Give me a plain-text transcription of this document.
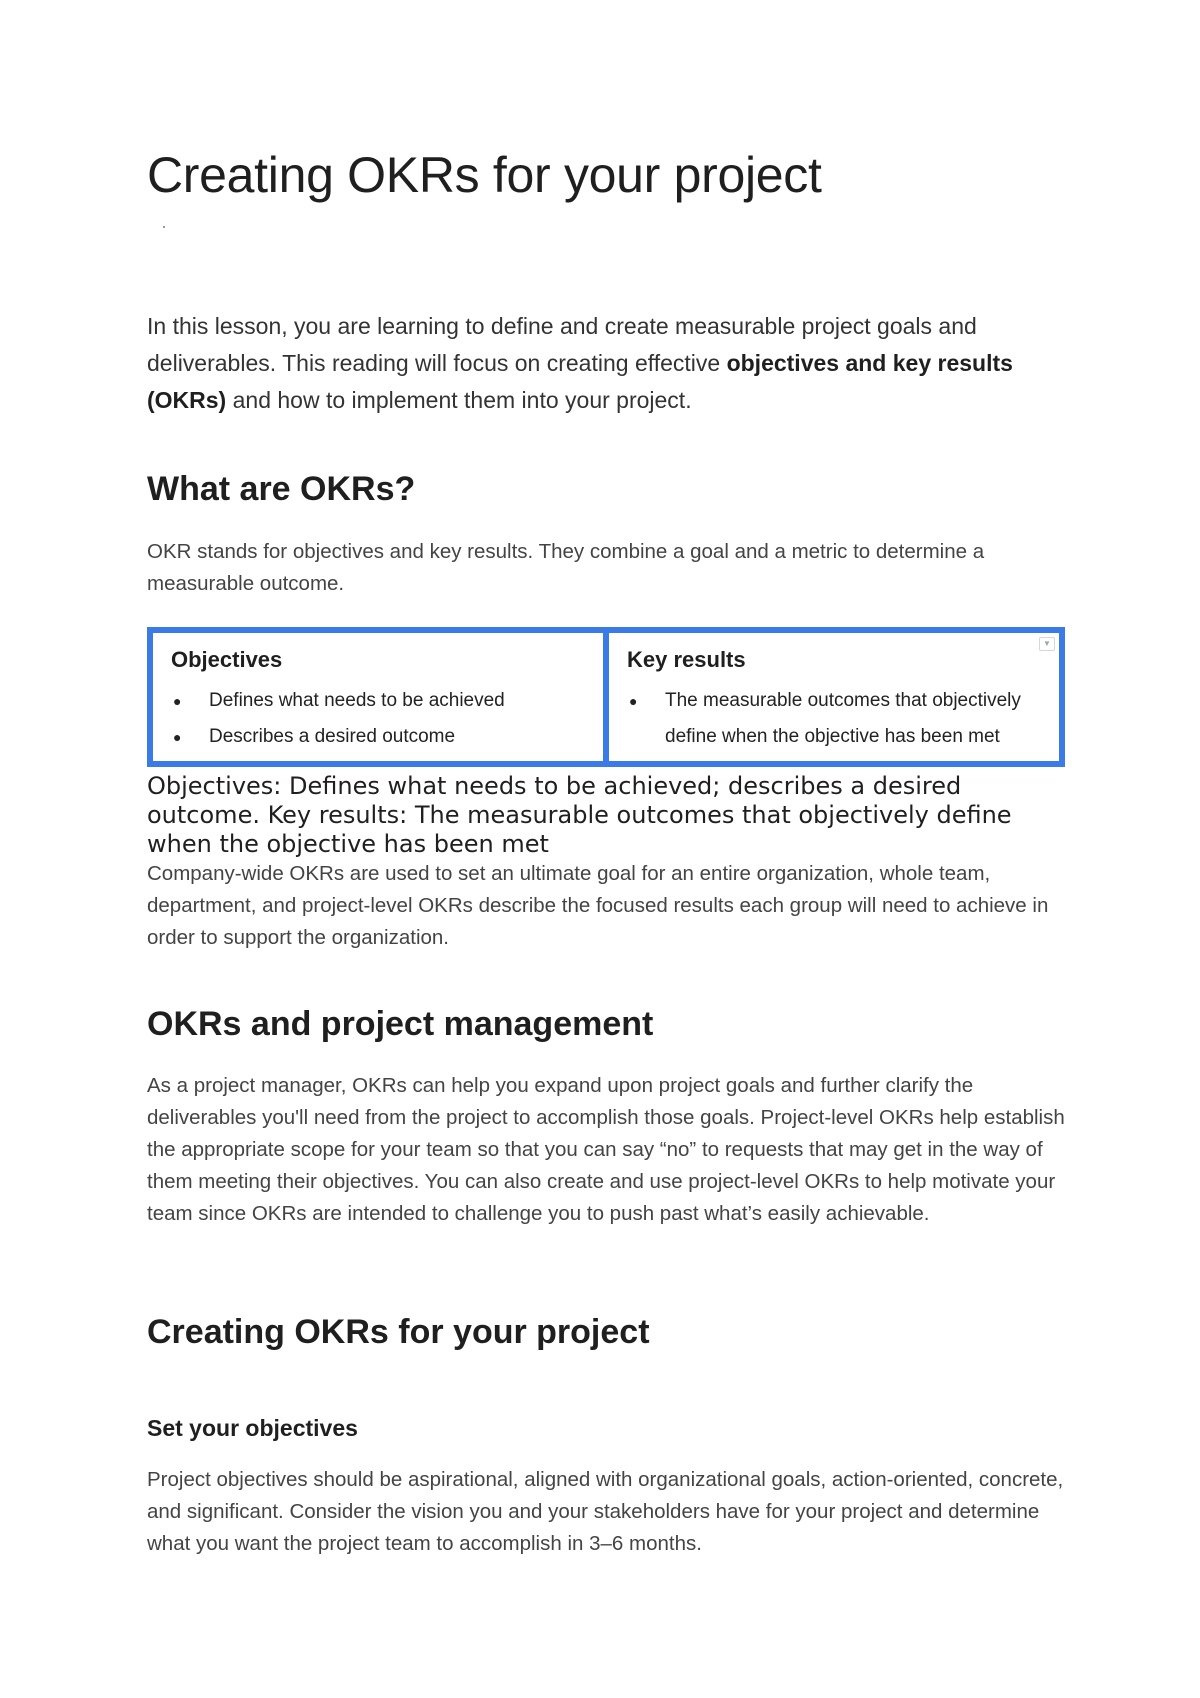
Creating OKRs for your project

In this lesson, you are learning to define and create measurable project goals and deliverables. This reading will focus on creating effective objectives and key results (OKRs) and how to implement them into your project.

What are OKRs?

OKR stands for objectives and key results. They combine a goal and a metric to determine a measurable outcome.

Objectives
● Defines what needs to be achieved
● Describes a desired outcome
Key results
● The measurable outcomes that objectively define when the objective has been met
▼

Objectives: Defines what needs to be achieved; describes a desired outcome. Key results: The measurable outcomes that objectively define when the objective has been met

Company-wide OKRs are used to set an ultimate goal for an entire organization, whole team, department, and project-level OKRs describe the focused results each group will need to achieve in order to support the organization.

OKRs and project management

As a project manager, OKRs can help you expand upon project goals and further clarify the deliverables you'll need from the project to accomplish those goals. Project-level OKRs help establish the appropriate scope for your team so that you can say “no” to requests that may get in the way of them meeting their objectives. You can also create and use project-level OKRs to help motivate your team since OKRs are intended to challenge you to push past what’s easily achievable.

Creating OKRs for your project
Set your objectives

Project objectives should be aspirational, aligned with organizational goals, action-oriented, concrete, and significant. Consider the vision you and your stakeholders have for your project and determine what you want the project team to accomplish in 3–6 months.
